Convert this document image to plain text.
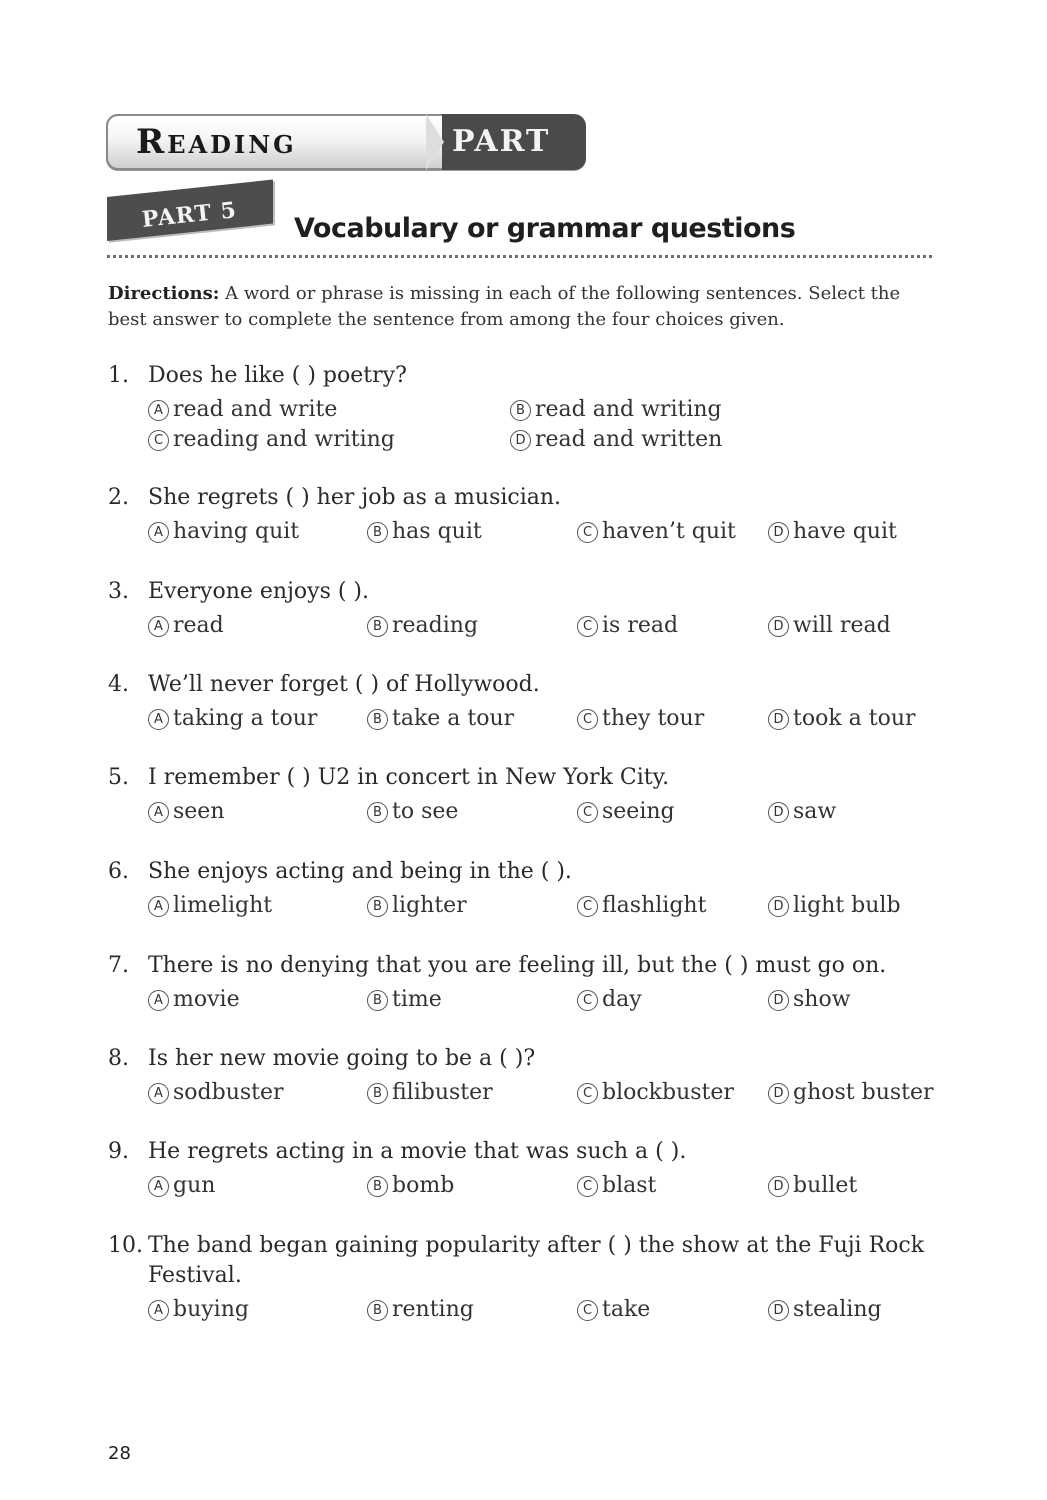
Reading	PART
PART 5 Vocabulary or grammar questions
Directions: A word or phrase is missing in each of the following sentences. Select the best answer to complete the sentence from among the four choices given.
1. Does he like ( ) poetry?
A read and write	B read and writing
C reading and writing	D read and written
2. She regrets ( ) her job as a musician.
A having quit	B has quit	C haven’t quit	D have quit
3. Everyone enjoys ( ).
A read	B reading	C is read	D will read
4. We’ll never forget ( ) of Hollywood.
A taking a tour	B take a tour	C they tour	D took a tour
5. I remember ( ) U2 in concert in New York City.
A seen	B to see	C seeing	D saw
6. She enjoys acting and being in the ( ).
A limelight	B lighter	C flashlight	D light bulb
7. There is no denying that you are feeling ill, but the ( ) must go on.
A movie	B time	C day	D show
8. Is her new movie going to be a ( )?
A sodbuster	B filibuster	C blockbuster	D ghost buster
9. He regrets acting in a movie that was such a ( ).
A gun	B bomb	C blast	D bullet
10. The band began gaining popularity after ( ) the show at the Fuji Rock
Festival.
A buying	B renting	C take	D stealing
28
